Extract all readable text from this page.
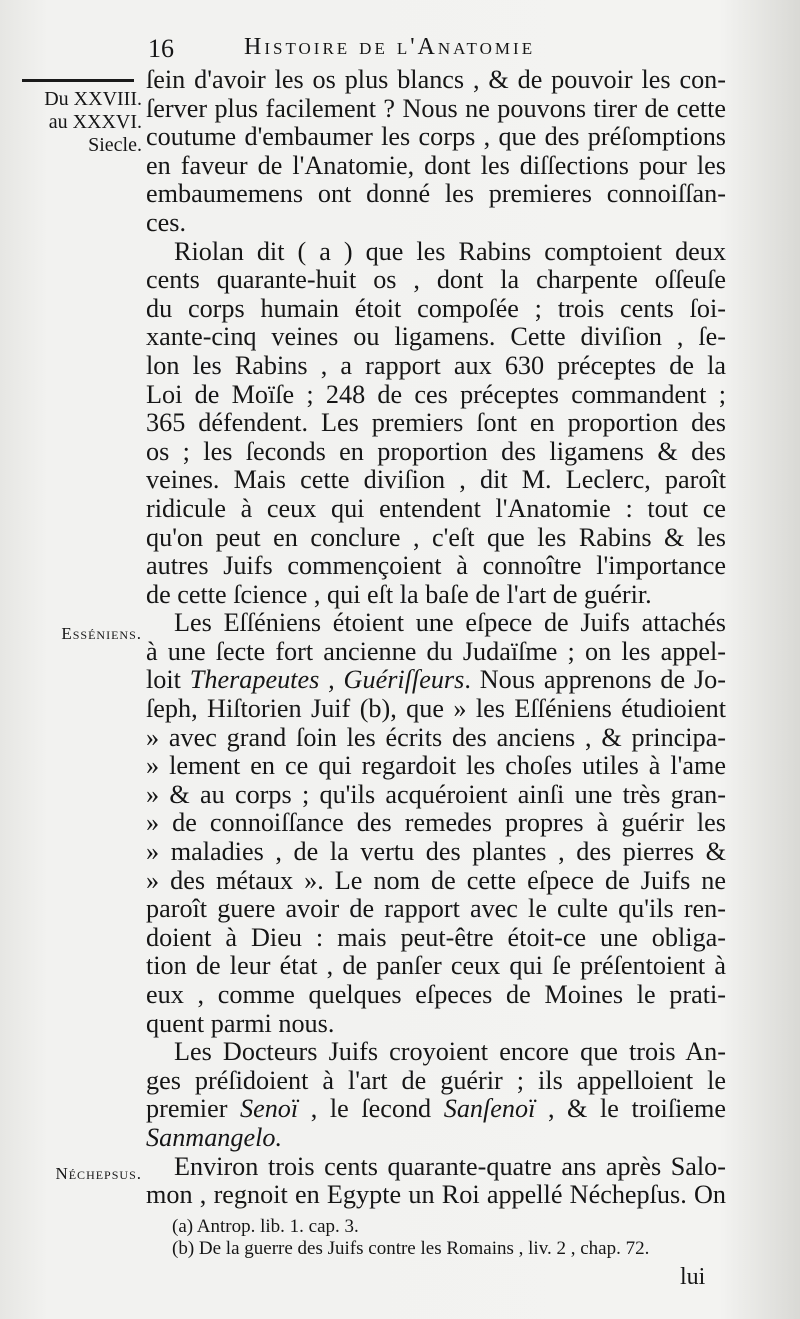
16	Histoire de l'Anatomie
Du XXVIII.
au XXXVI.
Siecle.
Esséniens.
Néchepsus.
ſein d'avoir les os plus blancs , & de pouvoir les con-
ſerver plus facilement ? Nous ne pouvons tirer de cette
coutume d'embaumer les corps , que des préſomptions
en faveur de l'Anatomie, dont les diſſections pour les
embaumemens ont donné les premieres connoiſſan-
ces.
Riolan dit ( a ) que les Rabins comptoient deux
cents quarante-huit os , dont la charpente oſſeuſe
du corps humain étoit compoſée ; trois cents ſoi-
xante-cinq veines ou ligamens. Cette diviſion , ſe-
lon les Rabins , a rapport aux 630 préceptes de la
Loi de Moïſe ; 248 de ces préceptes commandent ;
365 défendent. Les premiers ſont en proportion des
os ; les ſeconds en proportion des ligamens & des
veines. Mais cette diviſion , dit M. Leclerc, paroît
ridicule à ceux qui entendent l'Anatomie : tout ce
qu'on peut en conclure , c'eſt que les Rabins & les
autres Juifs commençoient à connoître l'importance
de cette ſcience , qui eſt la baſe de l'art de guérir.
Les Eſſéniens étoient une eſpece de Juifs attachés
à une ſecte fort ancienne du Judaïſme ; on les appel-
loit Therapeutes , Guériſſeurs. Nous apprenons de Jo-
ſeph, Hiſtorien Juif (b), que » les Eſſéniens étudioient
» avec grand ſoin les écrits des anciens , & principa-
» lement en ce qui regardoit les choſes utiles à l'ame
» & au corps ; qu'ils acquéroient ainſi une très gran-
» de connoiſſance des remedes propres à guérir les
» maladies , de la vertu des plantes , des pierres &
» des métaux ». Le nom de cette eſpece de Juifs ne
paroît guere avoir de rapport avec le culte qu'ils ren-
doient à Dieu : mais peut-être étoit-ce une obliga-
tion de leur état , de panſer ceux qui ſe préſentoient à
eux , comme quelques eſpeces de Moines le prati-
quent parmi nous.
Les Docteurs Juifs croyoient encore que trois An-
ges préſidoient à l'art de guérir ; ils appelloient le
premier Senoï , le ſecond Sanſenoï , & le troiſieme
Sanmangelo.
Environ trois cents quarante-quatre ans après Salo-
mon , regnoit en Egypte un Roi appellé Néchepſus. On
(a) Antrop. lib. 1. cap. 3.
(b) De la guerre des Juifs contre les Romains , liv. 2 , chap. 72.
lui
